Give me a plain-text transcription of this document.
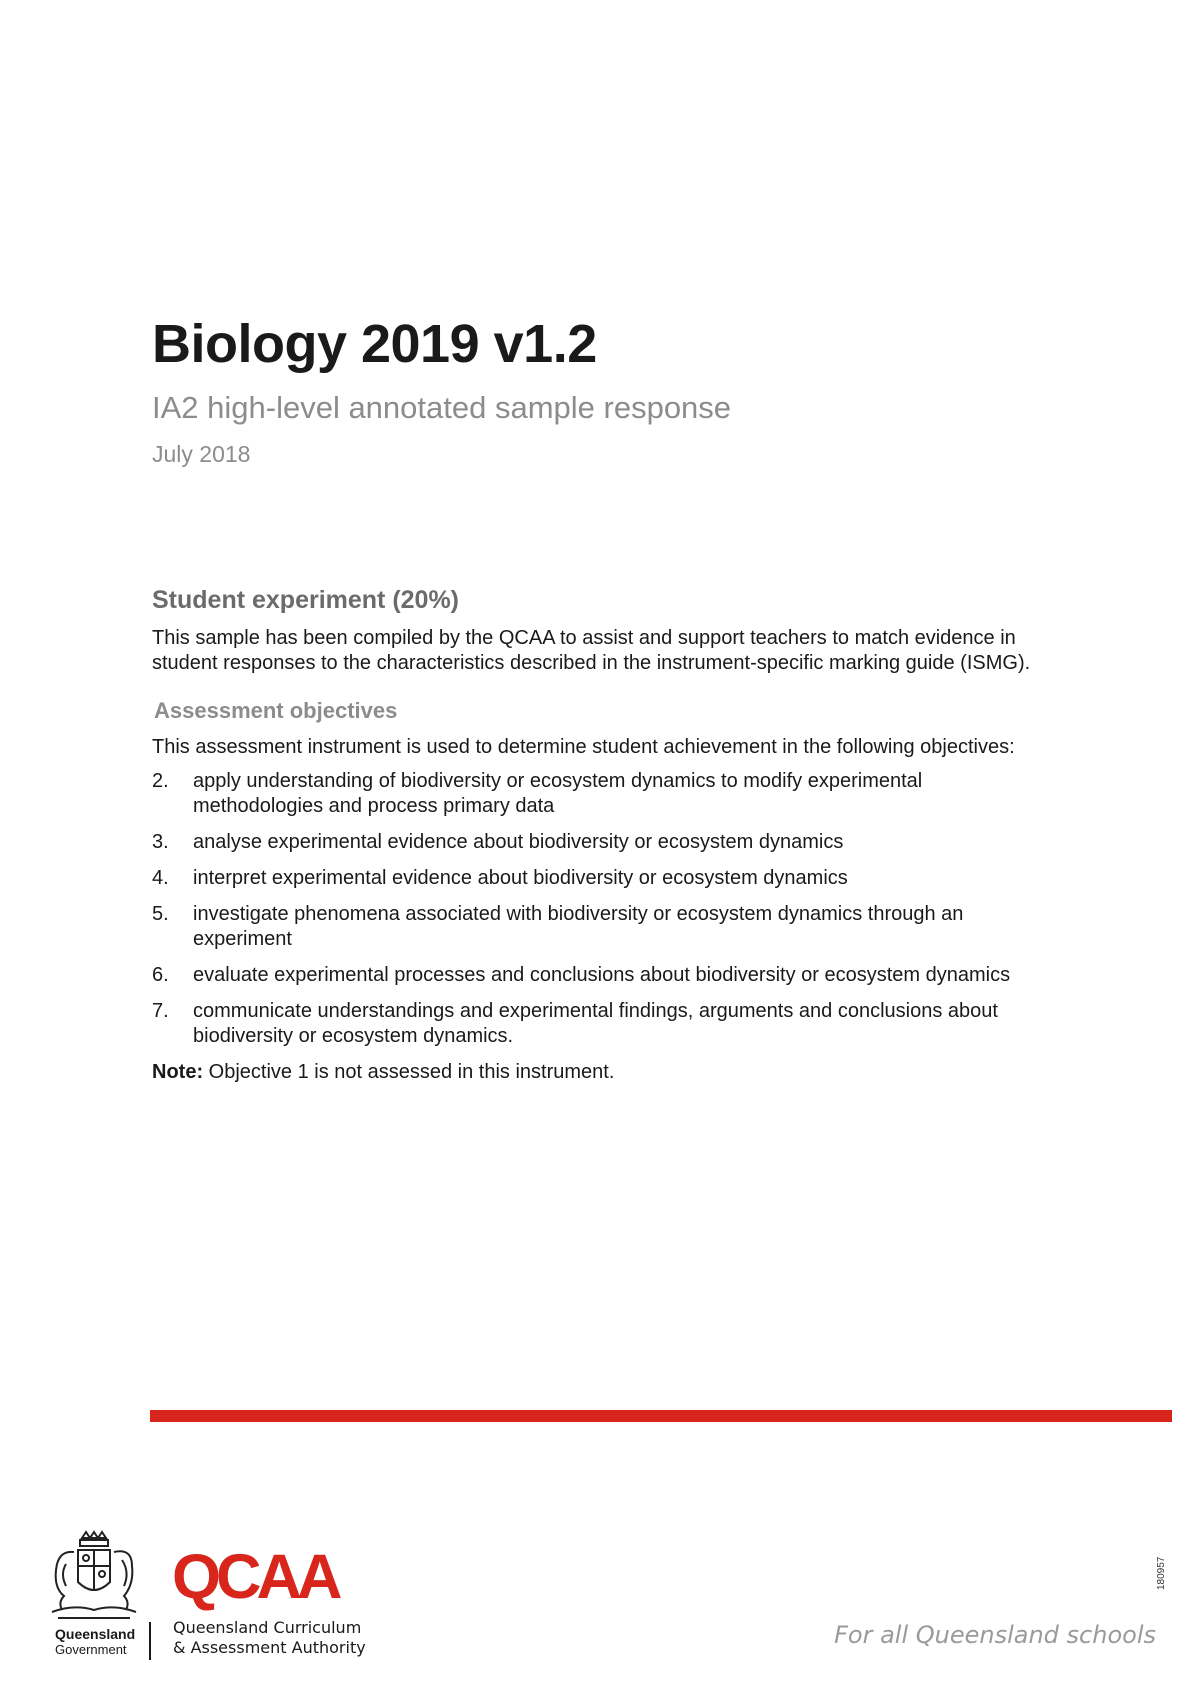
Biology 2019 v1.2

IA2 high-level annotated sample response

July 2018

Student experiment (20%)

This sample has been compiled by the QCAA to assist and support teachers to match evidence in student responses to the characteristics described in the instrument-specific marking guide (ISMG).

Assessment objectives

This assessment instrument is used to determine student achievement in the following objectives:

2.	apply understanding of biodiversity or ecosystem dynamics to modify experimental methodologies and process primary data
3.	analyse experimental evidence about biodiversity or ecosystem dynamics
4.	interpret experimental evidence about biodiversity or ecosystem dynamics
5.	investigate phenomena associated with biodiversity or ecosystem dynamics through an experiment
6.	evaluate experimental processes and conclusions about biodiversity or ecosystem dynamics
7.	communicate understandings and experimental findings, arguments and conclusions about biodiversity or ecosystem dynamics.

Note: Objective 1 is not assessed in this instrument.

Queensland
Government
QCAA
Queensland Curriculum
& Assessment Authority	For all Queensland schools
180957
